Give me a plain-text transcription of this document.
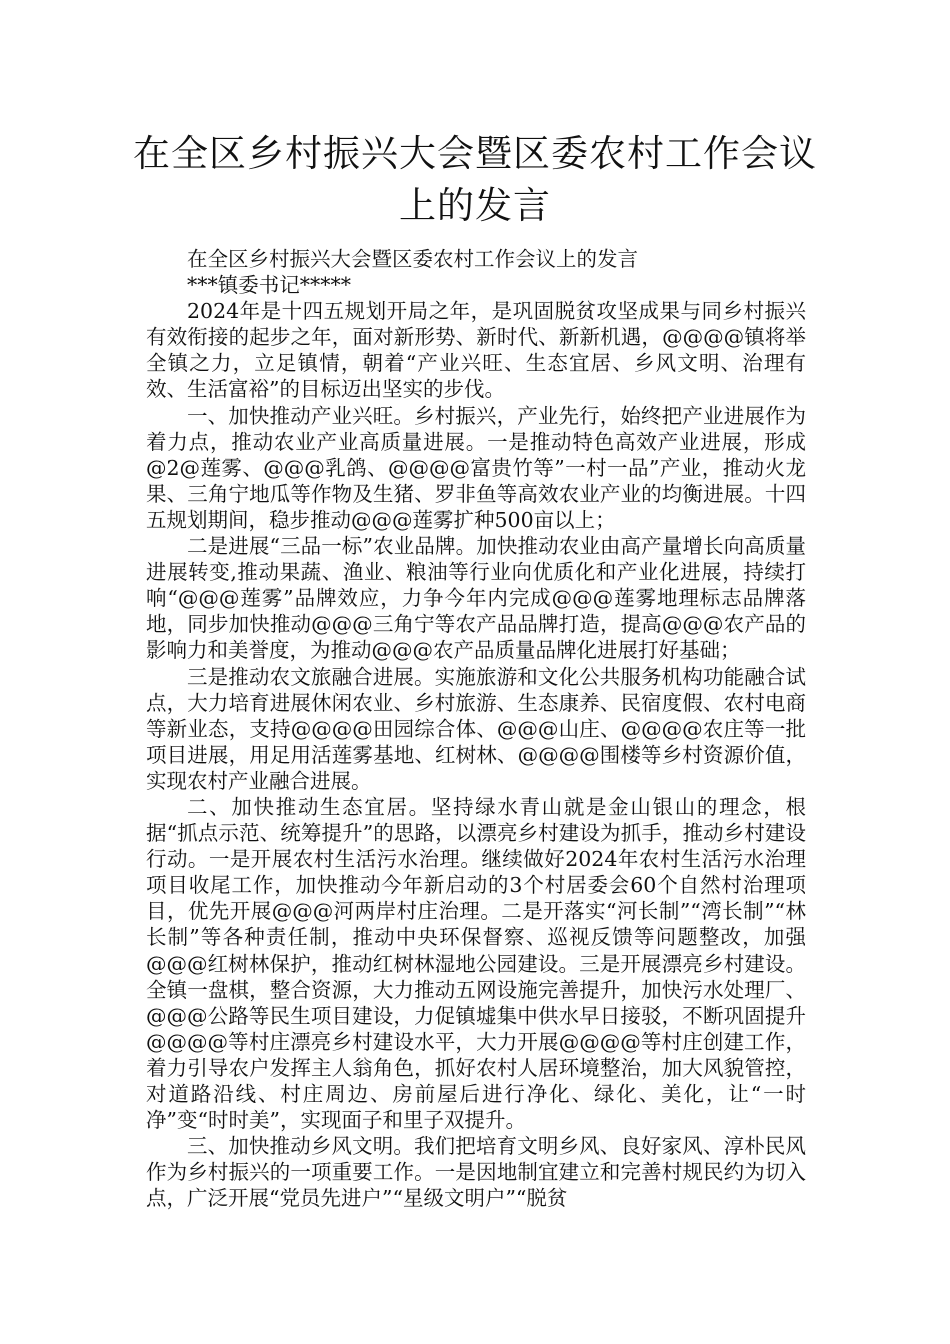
在全区乡村振兴大会暨区委农村工作会议上的发言

在全区乡村振兴大会暨区委农村工作会议上的发言

***镇委书记*****

2024年是十四五规划开局之年，是巩固脱贫攻坚成果与同乡村振兴有效衔接的起步之年，面对新形势、新时代、新新机遇，@@@@镇将举全镇之力，立足镇情，朝着“产业兴旺、生态宜居、乡风文明、治理有效、生活富裕”的目标迈出坚实的步伐。

一、加快推动产业兴旺。乡村振兴，产业先行，始终把产业进展作为着力点，推动农业产业高质量进展。一是推动特色高效产业进展，形成@2@莲雾、@@@乳鸽、@@@@富贵竹等”一村一品”产业，推动火龙果、三角宁地瓜等作物及生猪、罗非鱼等高效农业产业的均衡进展。十四五规划期间，稳步推动@@@莲雾扩种500亩以上；

二是进展“三品一标”农业品牌。加快推动农业由高产量增长向高质量进展转变,推动果蔬、渔业、粮油等行业向优质化和产业化进展，持续打响“@@@莲雾”品牌效应，力争今年内完成@@@莲雾地理标志品牌落地，同步加快推动@@@三角宁等农产品品牌打造，提高@@@农产品的影响力和美誉度，为推动@@@农产品质量品牌化进展打好基础；

三是推动农文旅融合进展。实施旅游和文化公共服务机构功能融合试点，大力培育进展休闲农业、乡村旅游、生态康养、民宿度假、农村电商等新业态，支持@@@@田园综合体、@@@山庄、@@@@农庄等一批项目进展，用足用活莲雾基地、红树林、@@@@围楼等乡村资源价值，实现农村产业融合进展。

二、加快推动生态宜居。坚持绿水青山就是金山银山的理念，根据“抓点示范、统筹提升”的思路，以漂亮乡村建设为抓手，推动乡村建设行动。一是开展农村生活污水治理。继续做好2024年农村生活污水治理项目收尾工作，加快推动今年新启动的3个村居委会60个自然村治理项目，优先开展@@@河两岸村庄治理。二是开落实“河长制”“湾长制”“林长制”等各种责任制，推动中央环保督察、巡视反馈等问题整改，加强@@@红树林保护，推动红树林湿地公园建设。三是开展漂亮乡村建设。全镇一盘棋，整合资源，大力推动五网设施完善提升，加快污水处理厂、@@@公路等民生项目建设，力促镇墟集中供水早日接驳，不断巩固提升@@@@等村庄漂亮乡村建设水平，大力开展@@@@等村庄创建工作，着力引导农户发挥主人翁角色，抓好农村人居环境整治，加大风貌管控，对道路沿线、村庄周边、房前屋后进行净化、绿化、美化，让“一时净”变“时时美”，实现面子和里子双提升。

三、加快推动乡风文明。我们把培育文明乡风、良好家风、淳朴民风作为乡村振兴的一项重要工作。一是因地制宜建立和完善村规民约为切入点，广泛开展“党员先进户”“星级文明户”“脱贫
